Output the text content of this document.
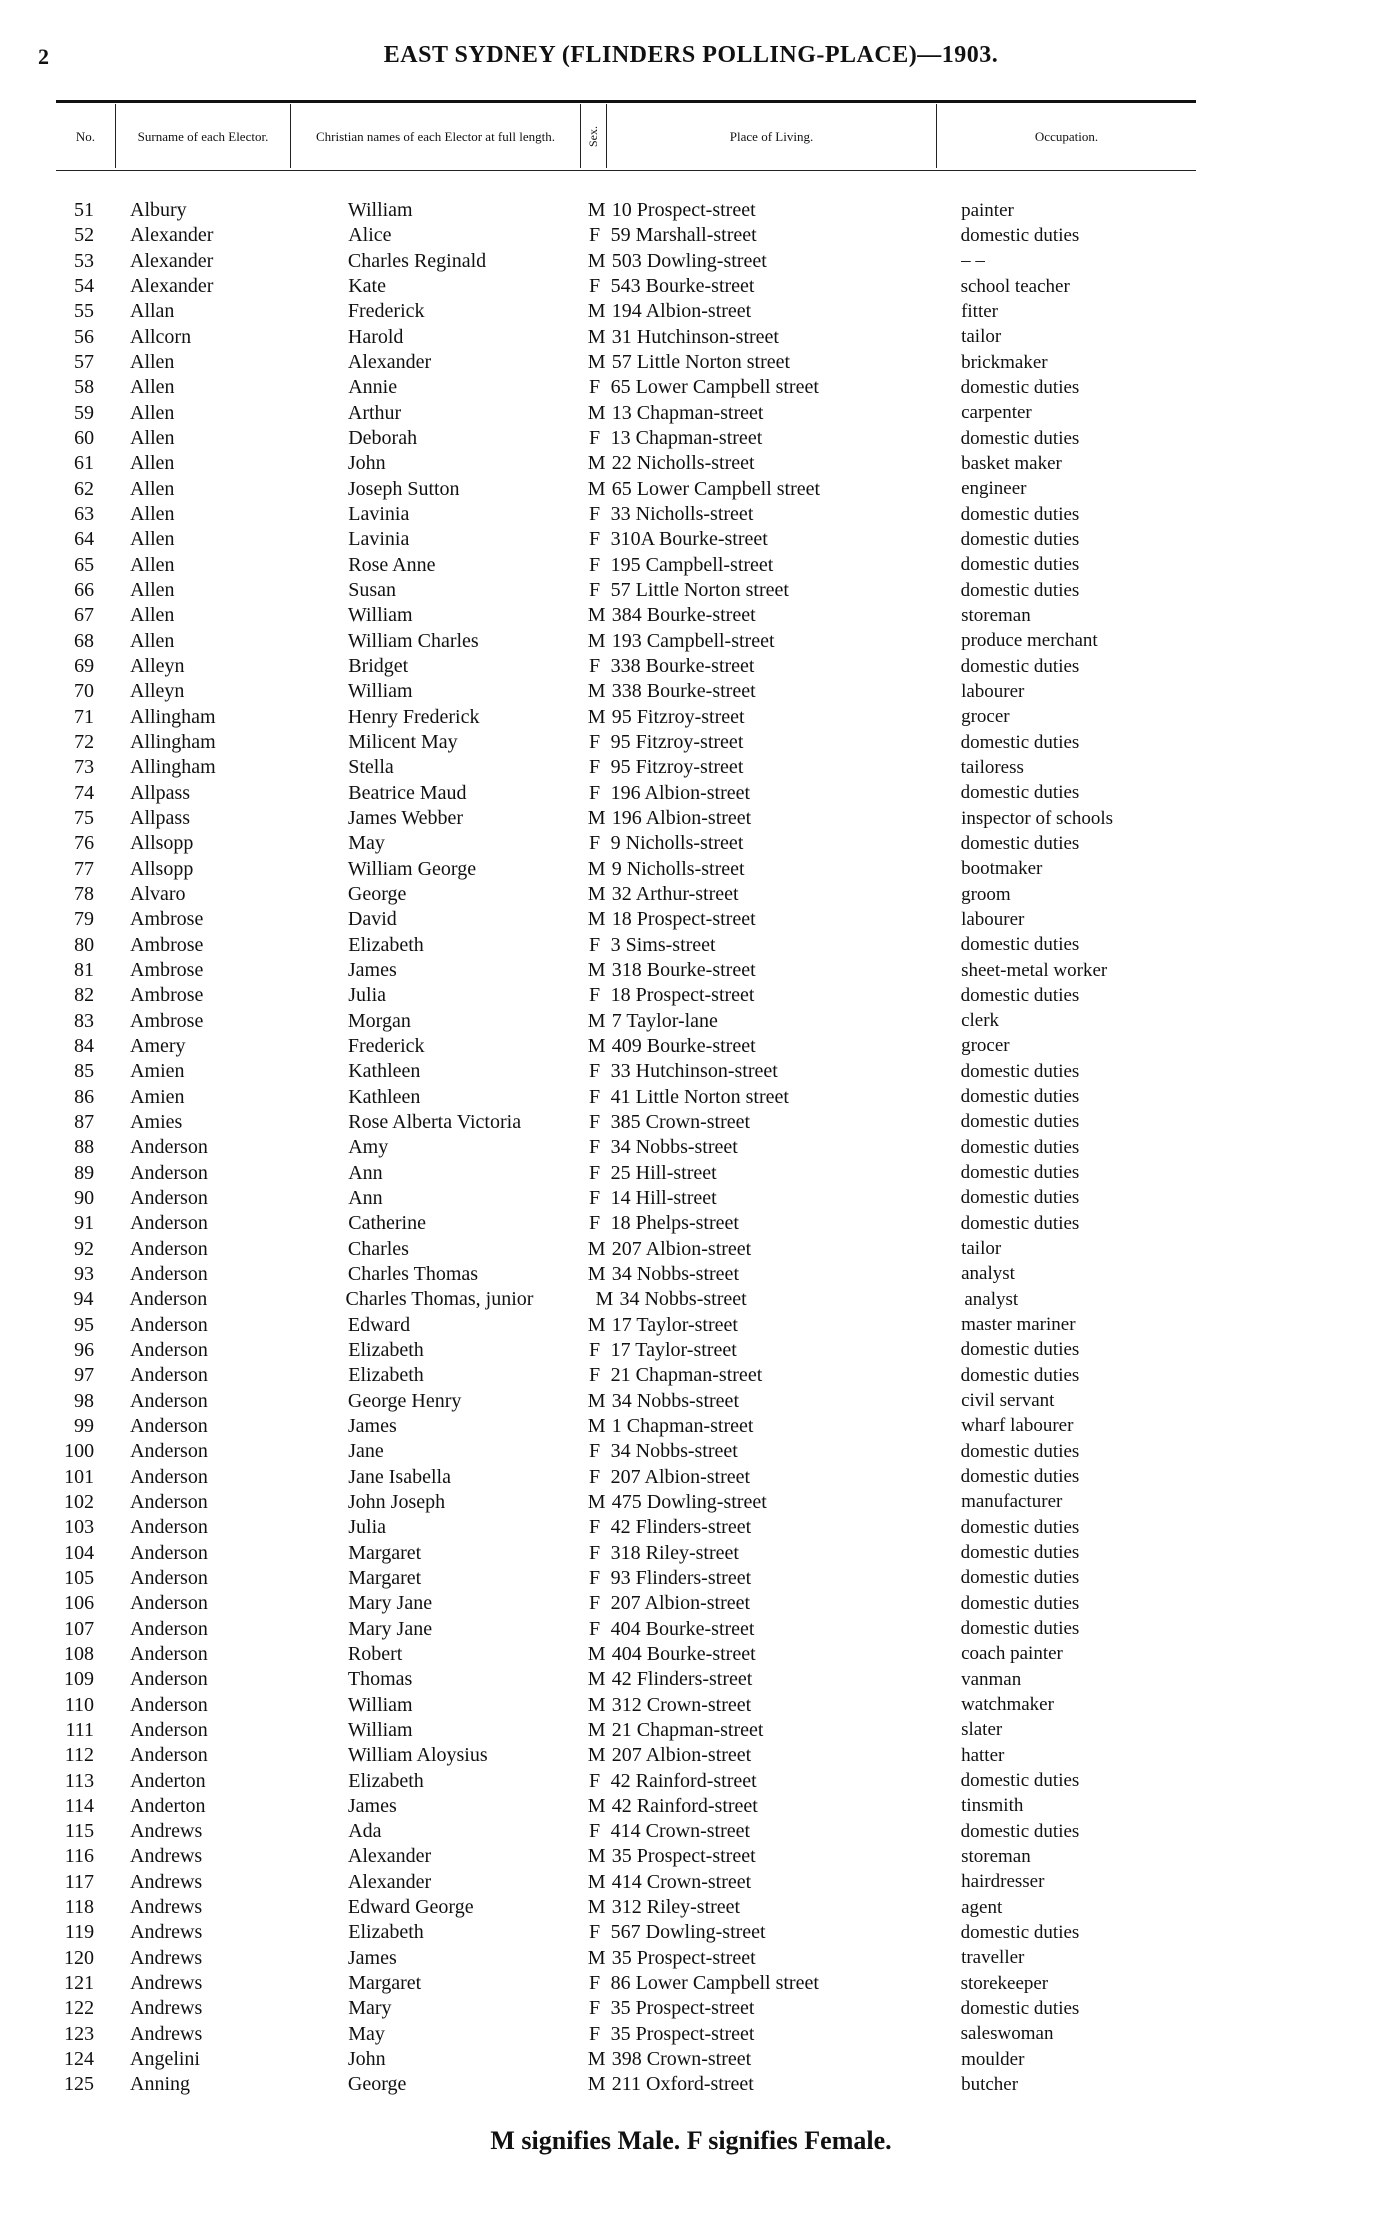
2	EAST SYDNEY (FLINDERS POLLING-PLACE)—1903.
No.	Surname of each Elector.	Christian names of each Elector at full length.	Sex.	Place of Living.	Occupation.
51	Albury	William	M 10 Prospect-street	painter
52	Alexander	Alice	F 59 Marshall-street	domestic duties
53	Alexander	Charles Reginald	M 503 Dowling-street	– –
54	Alexander	Kate	F 543 Bourke-street	school teacher
55	Allan	Frederick	M 194 Albion-street	fitter
56	Allcorn	Harold	M 31 Hutchinson-street	tailor
57	Allen	Alexander	M 57 Little Norton street	brickmaker
58	Allen	Annie	F 65 Lower Campbell street	domestic duties
59	Allen	Arthur	M 13 Chapman-street	carpenter
60	Allen	Deborah	F 13 Chapman-street	domestic duties
61	Allen	John	M 22 Nicholls-street	basket maker
62	Allen	Joseph Sutton	M 65 Lower Campbell street	engineer
63	Allen	Lavinia	F 33 Nicholls-street	domestic duties
64	Allen	Lavinia	F 310A Bourke-street	domestic duties
65	Allen	Rose Anne	F 195 Campbell-street	domestic duties
66	Allen	Susan	F 57 Little Norton street	domestic duties
67	Allen	William	M 384 Bourke-street	storeman
68	Allen	William Charles	M 193 Campbell-street	produce merchant
69	Alleyn	Bridget	F 338 Bourke-street	domestic duties
70	Alleyn	William	M 338 Bourke-street	labourer
71	Allingham	Henry Frederick	M 95 Fitzroy-street	grocer
72	Allingham	Milicent May	F 95 Fitzroy-street	domestic duties
73	Allingham	Stella	F 95 Fitzroy-street	tailoress
74	Allpass	Beatrice Maud	F 196 Albion-street	domestic duties
75	Allpass	James Webber	M 196 Albion-street	inspector of schools
76	Allsopp	May	F 9 Nicholls-street	domestic duties
77	Allsopp	William George	M 9 Nicholls-street	bootmaker
78	Alvaro	George	M 32 Arthur-street	groom
79	Ambrose	David	M 18 Prospect-street	labourer
80	Ambrose	Elizabeth	F 3 Sims-street	domestic duties
81	Ambrose	James	M 318 Bourke-street	sheet-metal worker
82	Ambrose	Julia	F 18 Prospect-street	domestic duties
83	Ambrose	Morgan	M 7 Taylor-lane	clerk
84	Amery	Frederick	M 409 Bourke-street	grocer
85	Amien	Kathleen	F 33 Hutchinson-street	domestic duties
86	Amien	Kathleen	F 41 Little Norton street	domestic duties
87	Amies	Rose Alberta Victoria	F 385 Crown-street	domestic duties
88	Anderson	Amy	F 34 Nobbs-street	domestic duties
89	Anderson	Ann	F 25 Hill-street	domestic duties
90	Anderson	Ann	F 14 Hill-street	domestic duties
91	Anderson	Catherine	F 18 Phelps-street	domestic duties
92	Anderson	Charles	M 207 Albion-street	tailor
93	Anderson	Charles Thomas	M 34 Nobbs-street	analyst
94	Anderson	Charles Thomas, junior	M 34 Nobbs-street	analyst
95	Anderson	Edward	M 17 Taylor-street	master mariner
96	Anderson	Elizabeth	F 17 Taylor-street	domestic duties
97	Anderson	Elizabeth	F 21 Chapman-street	domestic duties
98	Anderson	George Henry	M 34 Nobbs-street	civil servant
99	Anderson	James	M 1 Chapman-street	wharf labourer
100	Anderson	Jane	F 34 Nobbs-street	domestic duties
101	Anderson	Jane Isabella	F 207 Albion-street	domestic duties
102	Anderson	John Joseph	M 475 Dowling-street	manufacturer
103	Anderson	Julia	F 42 Flinders-street	domestic duties
104	Anderson	Margaret	F 318 Riley-street	domestic duties
105	Anderson	Margaret	F 93 Flinders-street	domestic duties
106	Anderson	Mary Jane	F 207 Albion-street	domestic duties
107	Anderson	Mary Jane	F 404 Bourke-street	domestic duties
108	Anderson	Robert	M 404 Bourke-street	coach painter
109	Anderson	Thomas	M 42 Flinders-street	vanman
110	Anderson	William	M 312 Crown-street	watchmaker
111	Anderson	William	M 21 Chapman-street	slater
112	Anderson	William Aloysius	M 207 Albion-street	hatter
113	Anderton	Elizabeth	F 42 Rainford-street	domestic duties
114	Anderton	James	M 42 Rainford-street	tinsmith
115	Andrews	Ada	F 414 Crown-street	domestic duties
116	Andrews	Alexander	M 35 Prospect-street	storeman
117	Andrews	Alexander	M 414 Crown-street	hairdresser
118	Andrews	Edward George	M 312 Riley-street	agent
119	Andrews	Elizabeth	F 567 Dowling-street	domestic duties
120	Andrews	James	M 35 Prospect-street	traveller
121	Andrews	Margaret	F 86 Lower Campbell street	storekeeper
122	Andrews	Mary	F 35 Prospect-street	domestic duties
123	Andrews	May	F 35 Prospect-street	saleswoman
124	Angelini	John	M 398 Crown-street	moulder
125	Anning	George	M 211 Oxford-street	butcher
M signifies Male. F signifies Female.
